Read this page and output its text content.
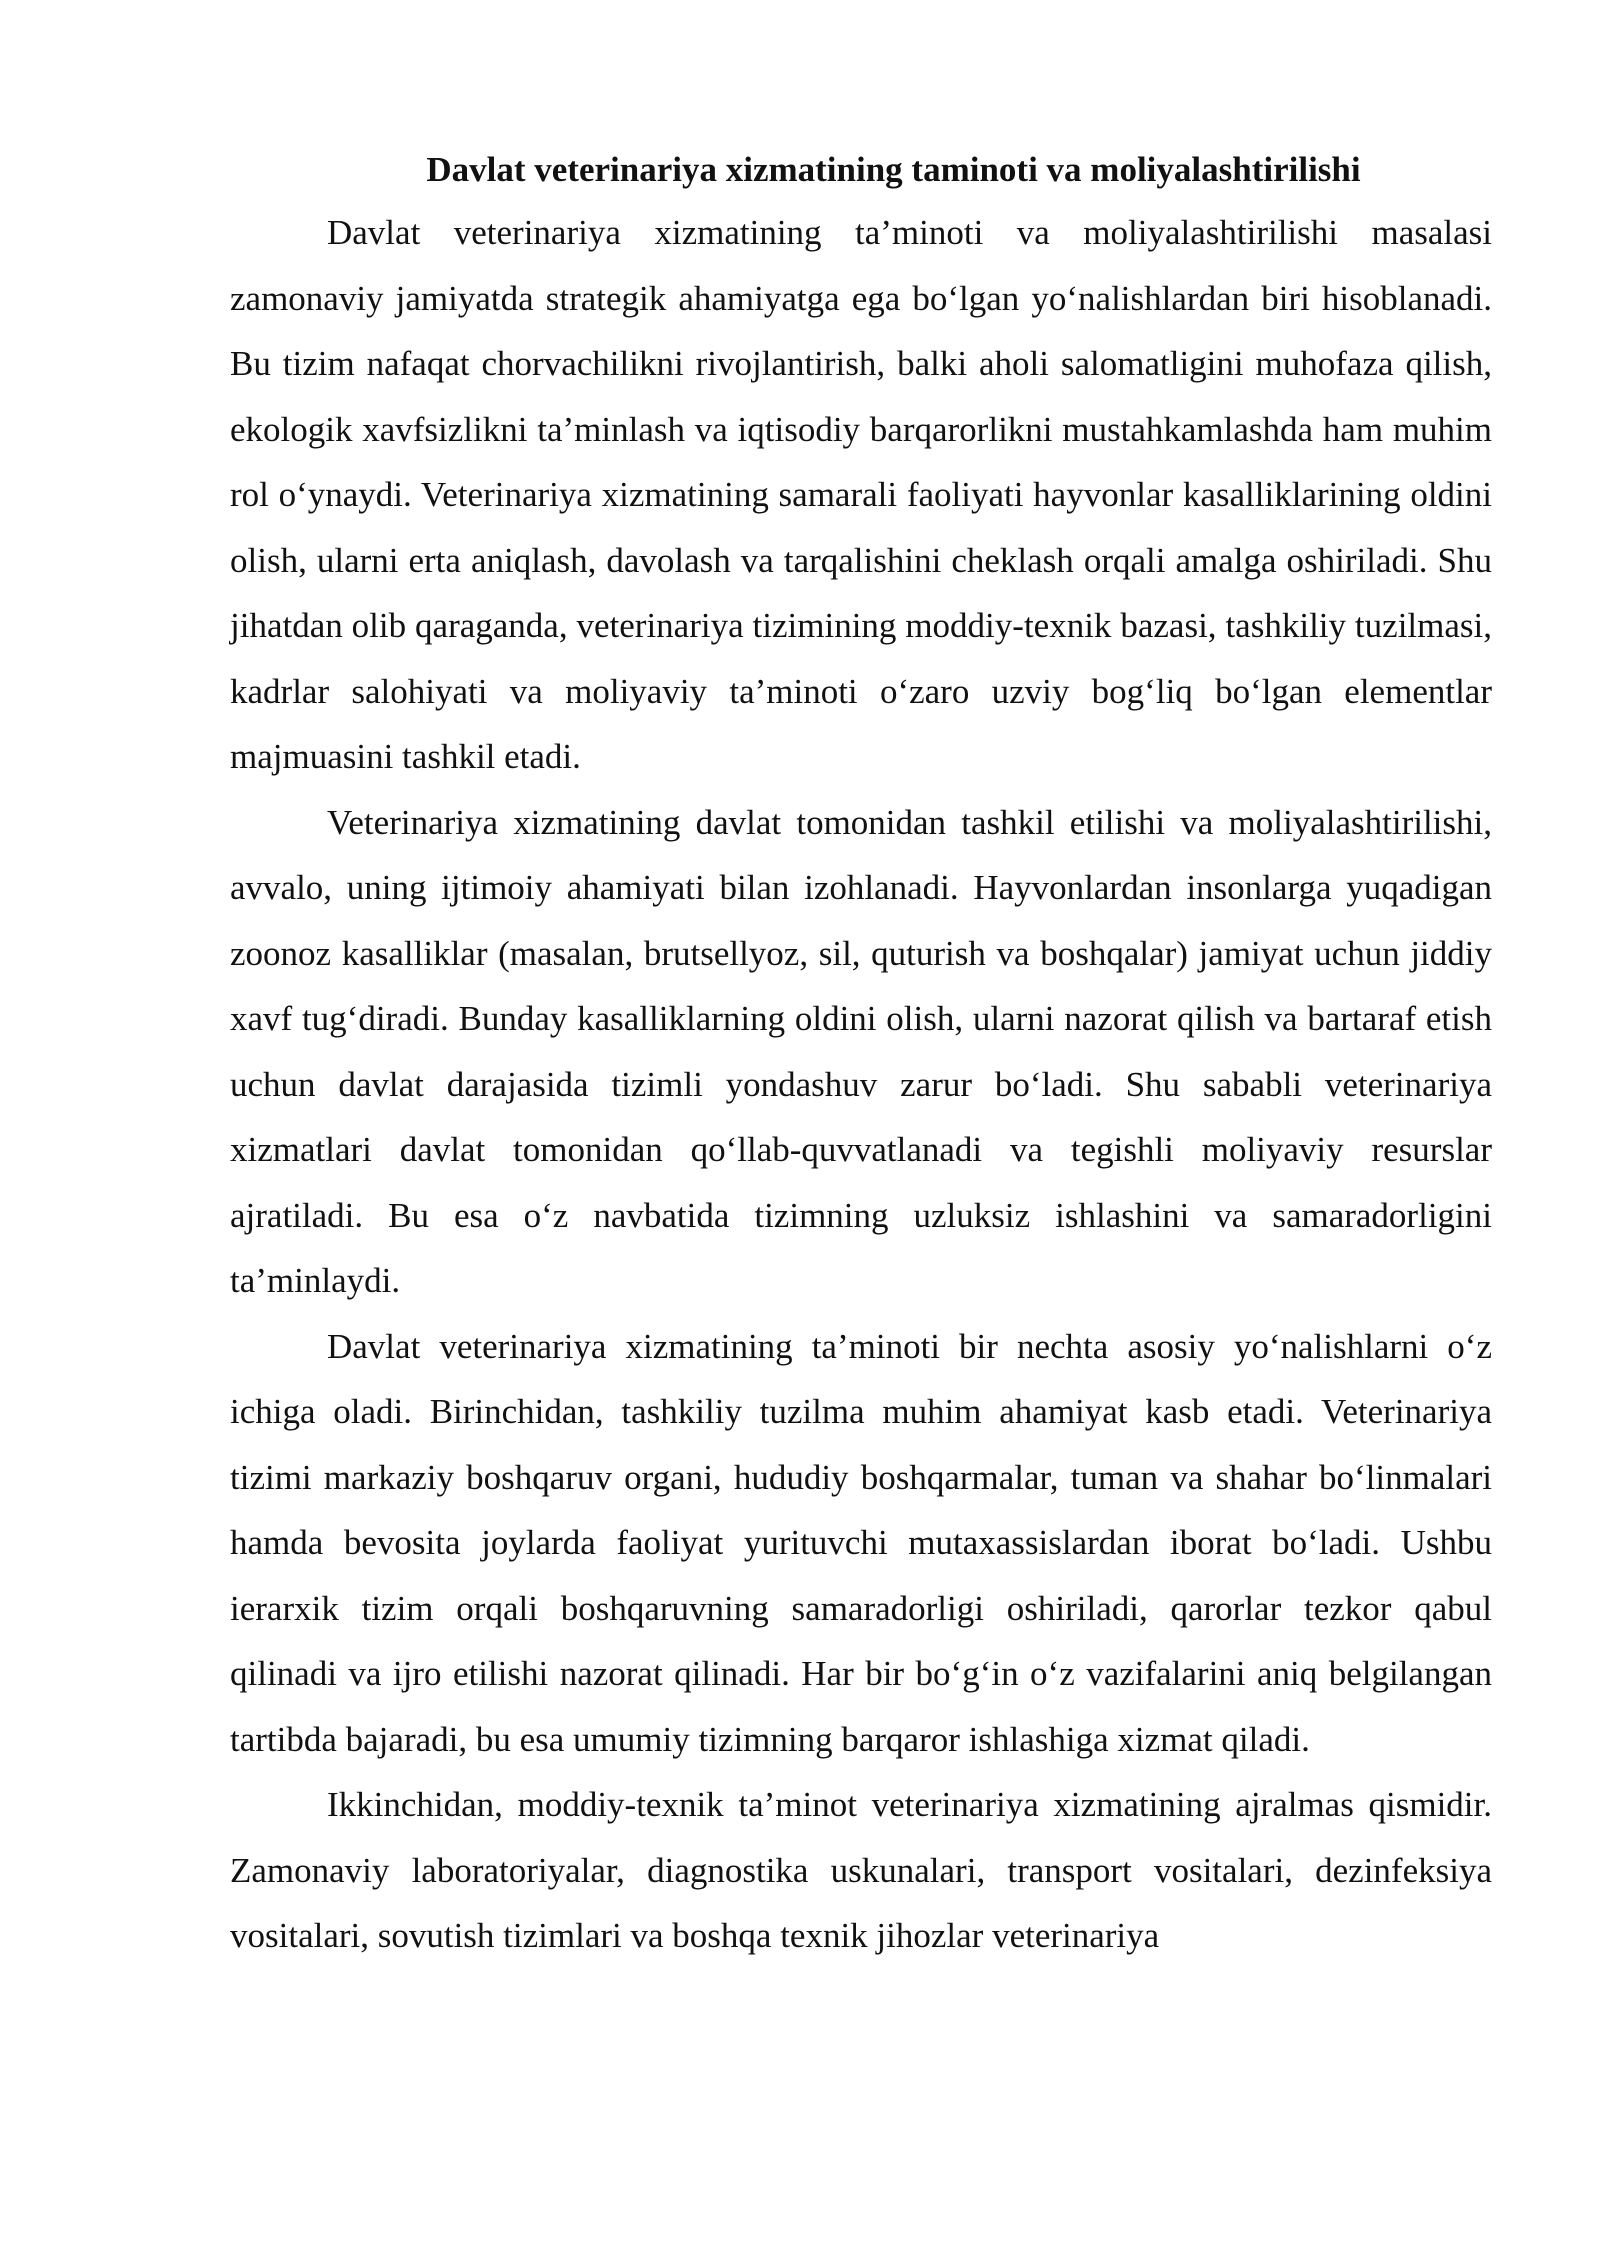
Davlat veterinariya xizmatining taminoti va moliyalashtirilishi

Davlat veterinariya xizmatining ta’minoti va moliyalashtirilishi masalasi zamonaviy jamiyatda strategik ahamiyatga ega bo‘lgan yo‘nalishlardan biri hisoblanadi. Bu tizim nafaqat chorvachilikni rivojlantirish, balki aholi salomatligini muhofaza qilish, ekologik xavfsizlikni ta’minlash va iqtisodiy barqarorlikni mustahkamlashda ham muhim rol o‘ynaydi. Veterinariya xizmatining samarali faoliyati hayvonlar kasalliklarining oldini olish, ularni erta aniqlash, davolash va tarqalishini cheklash orqali amalga oshiriladi. Shu jihatdan olib qaraganda, veterinariya tizimining moddiy-texnik bazasi, tashkiliy tuzilmasi, kadrlar salohiyati va moliyaviy ta’minoti o‘zaro uzviy bog‘liq bo‘lgan elementlar majmuasini tashkil etadi.

Veterinariya xizmatining davlat tomonidan tashkil etilishi va moliyalashtirilishi, avvalo, uning ijtimoiy ahamiyati bilan izohlanadi. Hayvonlardan insonlarga yuqadigan zoonoz kasalliklar (masalan, brutsellyoz, sil, quturish va boshqalar) jamiyat uchun jiddiy xavf tug‘diradi. Bunday kasalliklarning oldini olish, ularni nazorat qilish va bartaraf etish uchun davlat darajasida tizimli yondashuv zarur bo‘ladi. Shu sababli veterinariya xizmatlari davlat tomonidan qo‘llab-quvvatlanadi va tegishli moliyaviy resurslar ajratiladi. Bu esa o‘z navbatida tizimning uzluksiz ishlashini va samaradorligini ta’minlaydi.

Davlat veterinariya xizmatining ta’minoti bir nechta asosiy yo‘nalishlarni o‘z ichiga oladi. Birinchidan, tashkiliy tuzilma muhim ahamiyat kasb etadi. Veterinariya tizimi markaziy boshqaruv organi, hududiy boshqarmalar, tuman va shahar bo‘linmalari hamda bevosita joylarda faoliyat yurituvchi mutaxassislardan iborat bo‘ladi. Ushbu ierarxik tizim orqali boshqaruvning samaradorligi oshiriladi, qarorlar tezkor qabul qilinadi va ijro etilishi nazorat qilinadi. Har bir bo‘g‘in o‘z vazifalarini aniq belgilangan tartibda bajaradi, bu esa umumiy tizimning barqaror ishlashiga xizmat qiladi.

Ikkinchidan, moddiy-texnik ta’minot veterinariya xizmatining ajralmas qismidir. Zamonaviy laboratoriyalar, diagnostika uskunalari, transport vositalari, dezinfeksiya vositalari, sovutish tizimlari va boshqa texnik jihozlar veterinariya
